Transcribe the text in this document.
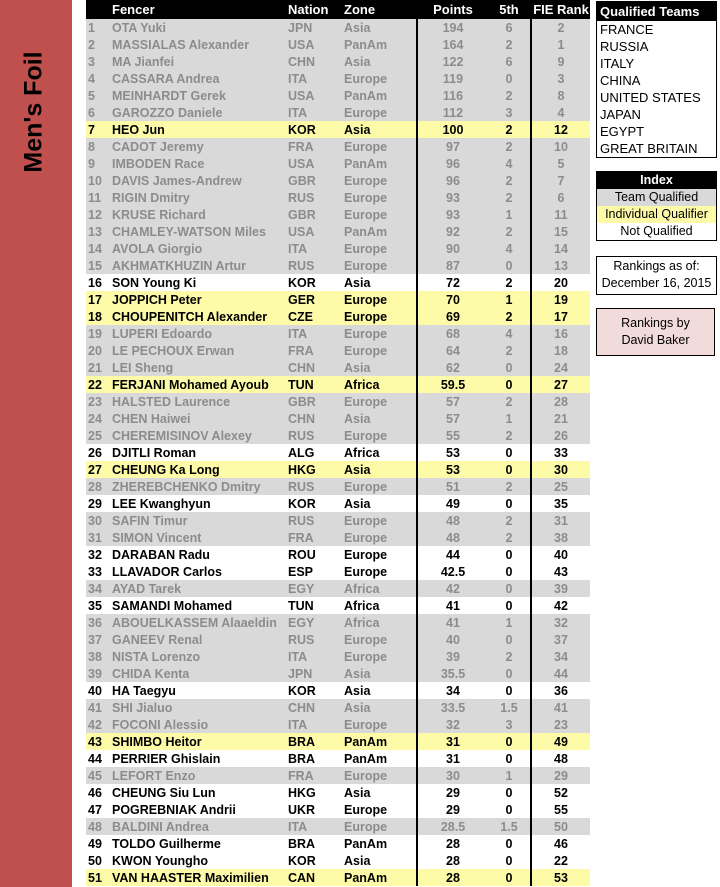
Men's Foil
	Fencer	Nation	Zone	Points	5th	FIE Rank
1	OTA Yuki	JPN	Asia	194	6	2
2	MASSIALAS Alexander	USA	PanAm	164	2	1
3	MA Jianfei	CHN	Asia	122	6	9
4	CASSARA Andrea	ITA	Europe	119	0	3
5	MEINHARDT Gerek	USA	PanAm	116	2	8
6	GAROZZO Daniele	ITA	Europe	112	3	4
7	HEO Jun	KOR	Asia	100	2	12
8	CADOT Jeremy	FRA	Europe	97	2	10
9	IMBODEN Race	USA	PanAm	96	4	5
10	DAVIS James-Andrew	GBR	Europe	96	2	7
11	RIGIN Dmitry	RUS	Europe	93	2	6
12	KRUSE Richard	GBR	Europe	93	1	11
13	CHAMLEY-WATSON Miles	USA	PanAm	92	2	15
14	AVOLA Giorgio	ITA	Europe	90	4	14
15	AKHMATKHUZIN Artur	RUS	Europe	87	0	13
16	SON Young Ki	KOR	Asia	72	2	20
17	JOPPICH Peter	GER	Europe	70	1	19
18	CHOUPENITCH Alexander	CZE	Europe	69	2	17
19	LUPERI Edoardo	ITA	Europe	68	4	16
20	LE PECHOUX Erwan	FRA	Europe	64	2	18
21	LEI Sheng	CHN	Asia	62	0	24
22	FERJANI Mohamed Ayoub	TUN	Africa	59.5	0	27
23	HALSTED Laurence	GBR	Europe	57	2	28
24	CHEN Haiwei	CHN	Asia	57	1	21
25	CHEREMISINOV Alexey	RUS	Europe	55	2	26
26	DJITLI Roman	ALG	Africa	53	0	33
27	CHEUNG Ka Long	HKG	Asia	53	0	30
28	ZHEREBCHENKO Dmitry	RUS	Europe	51	2	25
29	LEE Kwanghyun	KOR	Asia	49	0	35
30	SAFIN Timur	RUS	Europe	48	2	31
31	SIMON Vincent	FRA	Europe	48	2	38
32	DARABAN Radu	ROU	Europe	44	0	40
33	LLAVADOR Carlos	ESP	Europe	42.5	0	43
34	AYAD Tarek	EGY	Africa	42	0	39
35	SAMANDI Mohamed	TUN	Africa	41	0	42
36	ABOUELKASSEM Alaaeldin	EGY	Africa	41	1	32
37	GANEEV Renal	RUS	Europe	40	0	37
38	NISTA Lorenzo	ITA	Europe	39	2	34
39	CHIDA Kenta	JPN	Asia	35.5	0	44
40	HA Taegyu	KOR	Asia	34	0	36
41	SHI Jialuo	CHN	Asia	33.5	1.5	41
42	FOCONI Alessio	ITA	Europe	32	3	23
43	SHIMBO Heitor	BRA	PanAm	31	0	49
44	PERRIER Ghislain	BRA	PanAm	31	0	48
45	LEFORT Enzo	FRA	Europe	30	1	29
46	CHEUNG Siu Lun	HKG	Asia	29	0	52
47	POGREBNIAK Andrii	UKR	Europe	29	0	55
48	BALDINI Andrea	ITA	Europe	28.5	1.5	50
49	TOLDO Guilherme	BRA	PanAm	28	0	46
50	KWON Youngho	KOR	Asia	28	0	22
51	VAN HAASTER Maximilien	CAN	PanAm	28	0	53
Qualified Teams
FRANCE
RUSSIA
ITALY
CHINA
UNITED STATES
JAPAN
EGYPT
GREAT BRITAIN
Index
Team Qualified
Individual Qualifier
Not Qualified
Rankings as of:
December 16, 2015
Rankings by
David Baker
